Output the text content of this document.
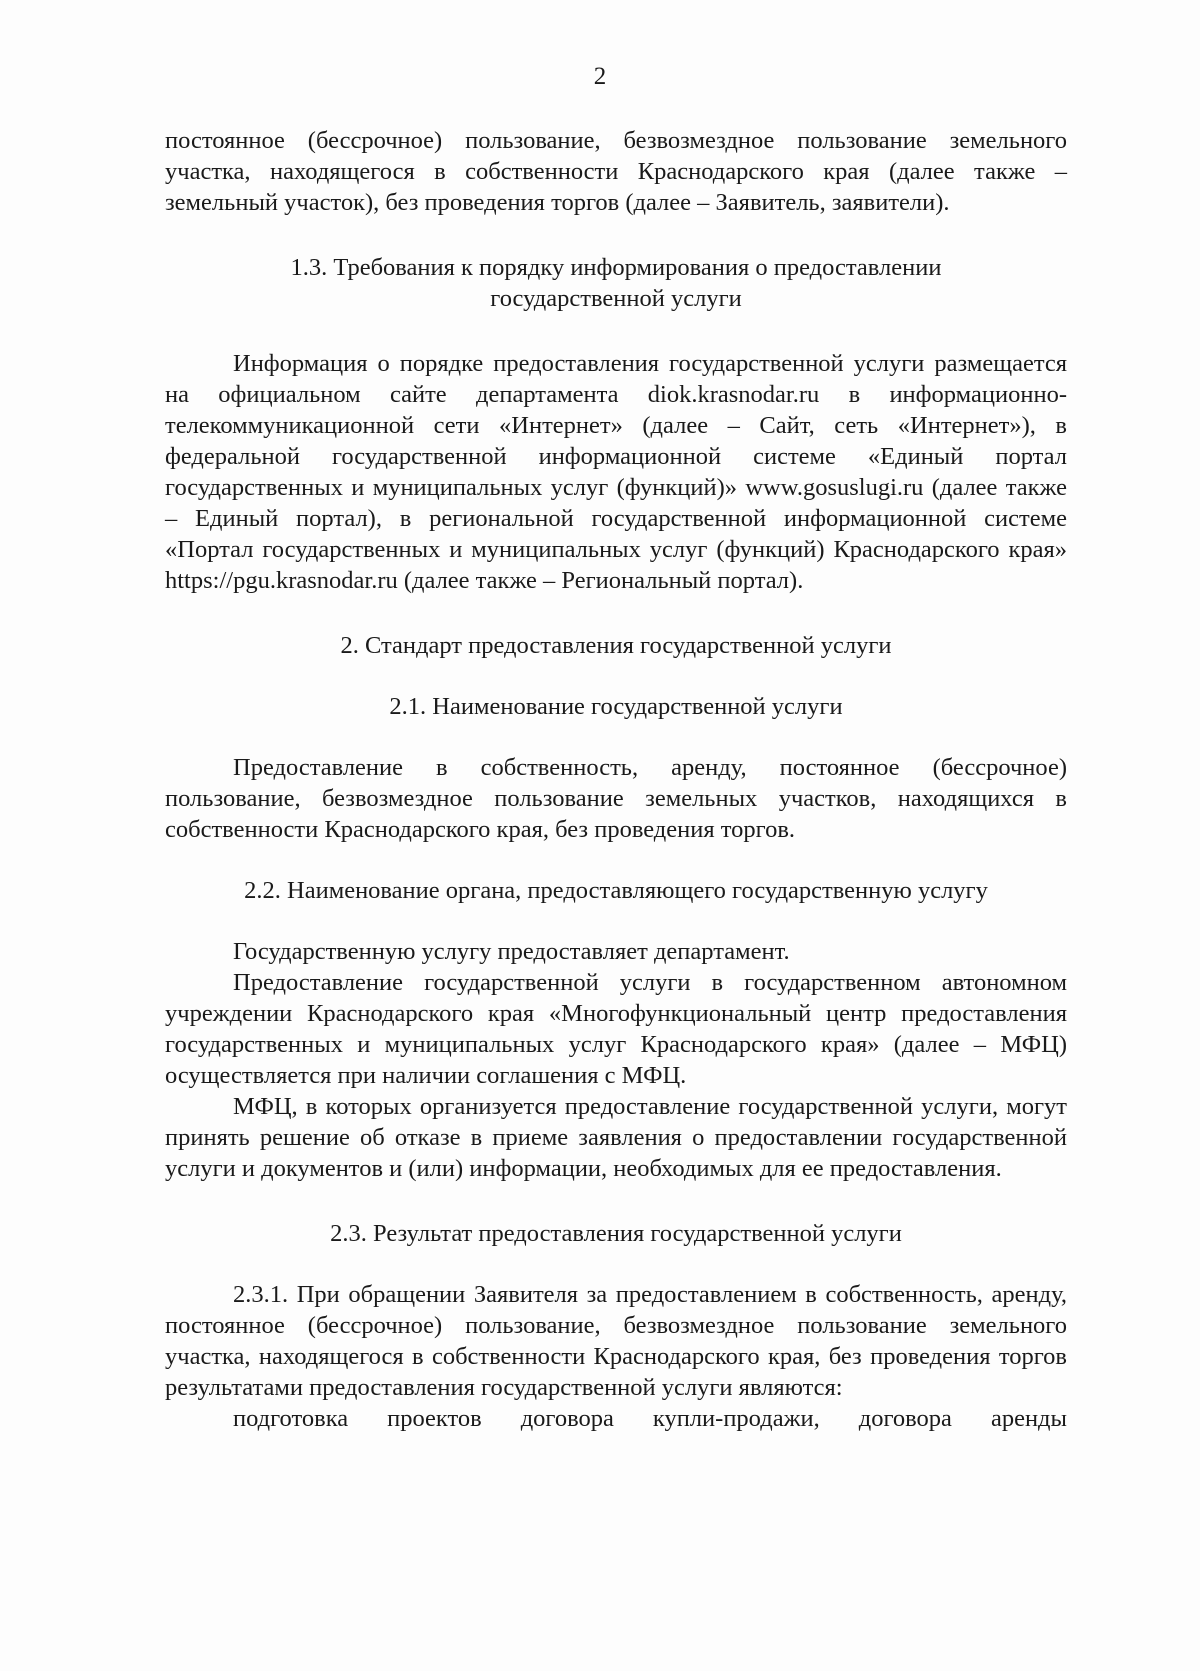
2

постоянное (бессрочное) пользование, безвозмездное пользование земельного участка, находящегося в собственности Краснодарского края (далее также – земельный участок), без проведения торгов (далее – Заявитель, заявители).

1.3. Требования к порядку информирования о предоставлении

государственной услуги

Информация о порядке предоставления государственной услуги размещается на официальном сайте департамента diok.krasnodar.ru в информационно-телекоммуникационной сети «Интернет» (далее – Сайт, сеть «Интернет»), в федеральной государственной информационной системе «Единый портал государственных и муниципальных услуг (функций)» www.gosuslugi.ru (далее также – Единый портал), в региональной государственной информационной системе «Портал государственных и муниципальных услуг (функций) Краснодарского края» https://pgu.krasnodar.ru (далее также – Региональный портал).

2. Стандарт предоставления государственной услуги

2.1. Наименование государственной услуги

Предоставление в собственность, аренду, постоянное (бессрочное) пользование, безвозмездное пользование земельных участков, находящихся в собственности Краснодарского края, без проведения торгов.

2.2. Наименование органа, предоставляющего государственную услугу

Государственную услугу предоставляет департамент.

Предоставление государственной услуги в государственном автономном учреждении Краснодарского края «Многофункциональный центр предоставления государственных и муниципальных услуг Краснодарского края» (далее – МФЦ) осуществляется при наличии соглашения с МФЦ.

МФЦ, в которых организуется предоставление государственной услуги, могут принять решение об отказе в приеме заявления о предоставлении государственной услуги и документов и (или) информации, необходимых для ее предоставления.

2.3. Результат предоставления государственной услуги

2.3.1. При обращении Заявителя за предоставлением в собственность, аренду, постоянное (бессрочное) пользование, безвозмездное пользование земельного участка, находящегося в собственности Краснодарского края, без проведения торгов результатами предоставления государственной услуги являются:

подготовка проектов договора купли-продажи, договора аренды
